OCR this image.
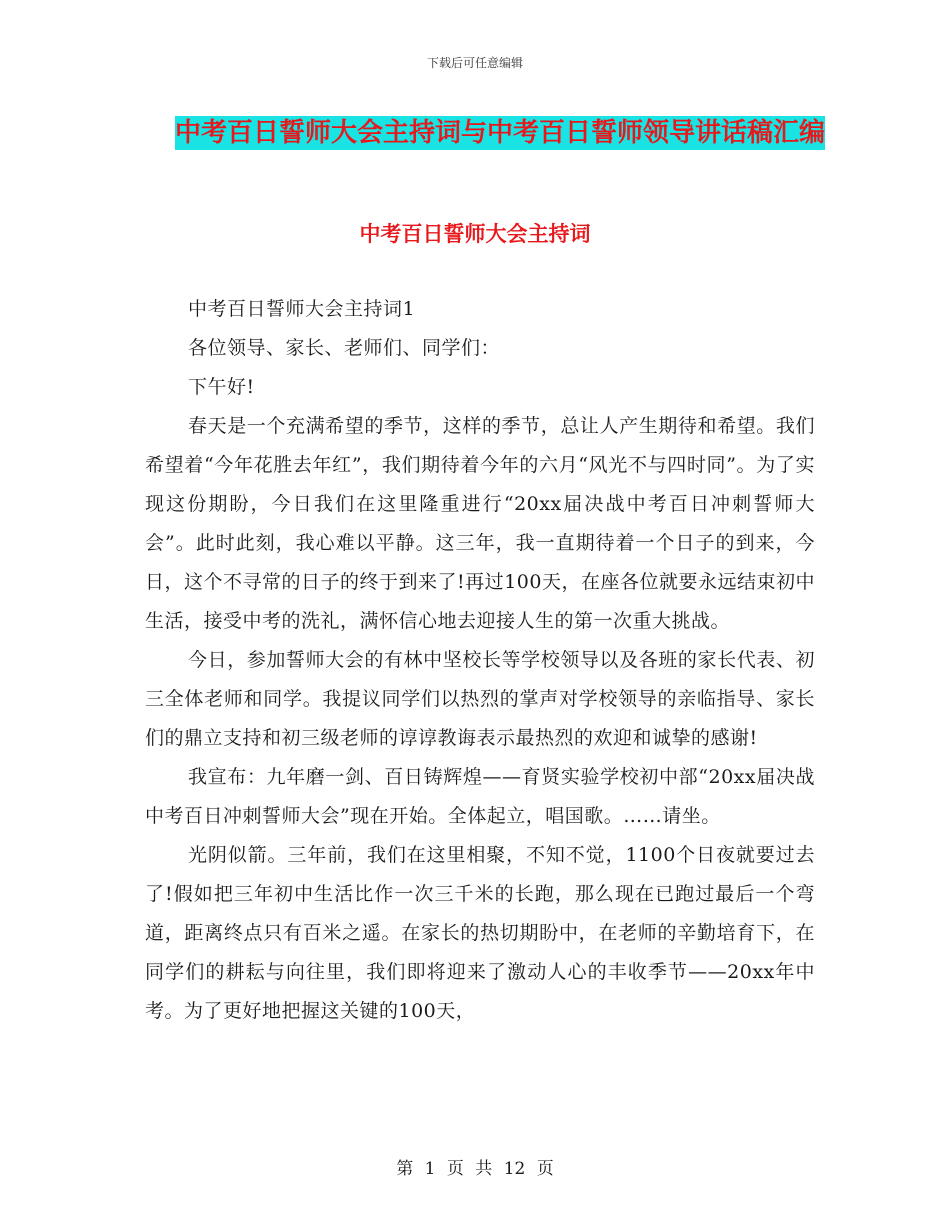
下载后可任意编辑
中考百日誓师大会主持词与中考百日誓师领导讲话稿汇编
中考百日誓师大会主持词

中考百日誓师大会主持词1

各位领导、家长、老师们、同学们：

下午好!

春天是一个充满希望的季节，这样的季节，总让人产生期待和希望。我们希望着“今年花胜去年红”，我们期待着今年的六月“风光不与四时同”。为了实现这份期盼，今日我们在这里隆重进行“20xx届决战中考百日冲刺誓师大会”。此时此刻，我心难以平静。这三年，我一直期待着一个日子的到来，今日，这个不寻常的日子的终于到来了!再过100天，在座各位就要永远结束初中生活，接受中考的洗礼，满怀信心地去迎接人生的第一次重大挑战。

今日，参加誓师大会的有林中坚校长等学校领导以及各班的家长代表、初三全体老师和同学。我提议同学们以热烈的掌声对学校领导的亲临指导、家长们的鼎立支持和初三级老师的谆谆教诲表示最热烈的欢迎和诚挚的感谢!

我宣布：九年磨一剑、百日铸辉煌——育贤实验学校初中部“20xx届决战中考百日冲刺誓师大会”现在开始。全体起立，唱国歌。……请坐。

光阴似箭。三年前，我们在这里相聚，不知不觉，1100个日夜就要过去了!假如把三年初中生活比作一次三千米的长跑，那么现在已跑过最后一个弯道，距离终点只有百米之遥。在家长的热切期盼中，在老师的辛勤培育下，在同学们的耕耘与向往里，我们即将迎来了激动人心的丰收季节——20xx年中考。为了更好地把握这关键的100天，

第 1 页 共 12 页
